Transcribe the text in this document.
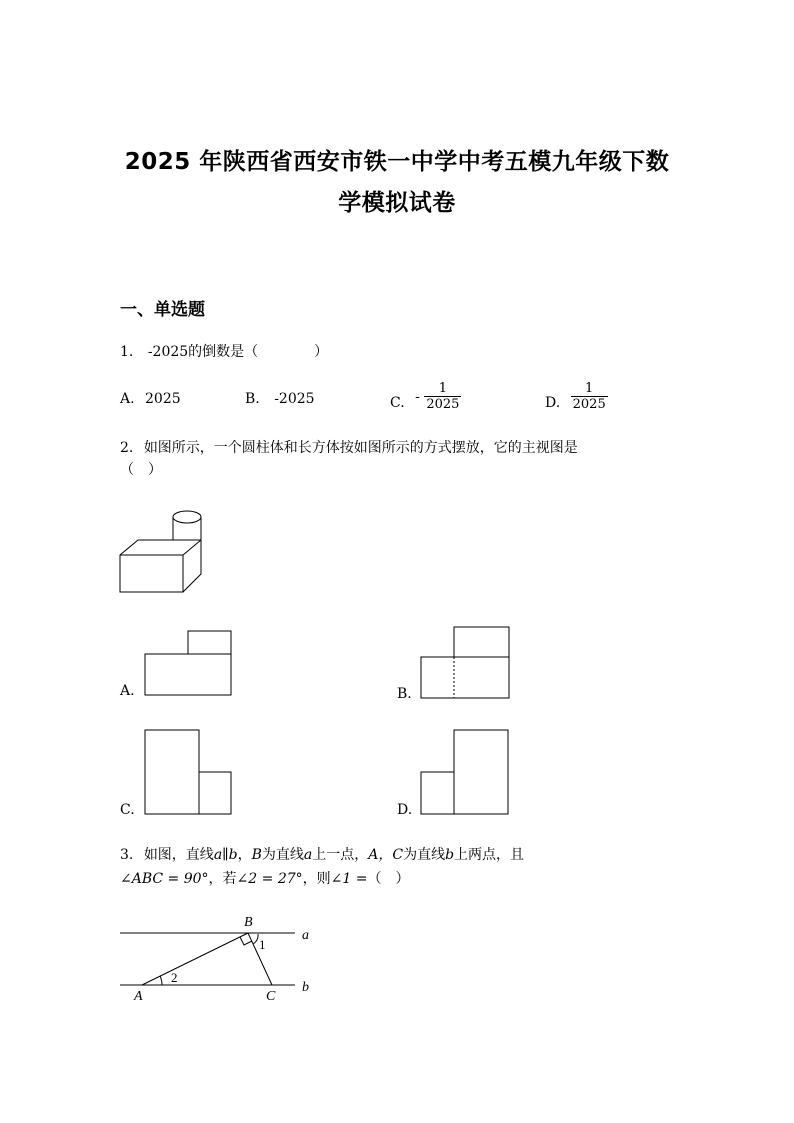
2025 年陕西省西安市铁一中学中考五模九年级下数
学模拟试卷
一、单选题
1. -2025的倒数是（　　　　）
A. 2025	B. -2025	C. - $\frac{1}{2025}$	D. $\frac{1}{2025}$
2. 如图所示，一个圆柱体和长方体按如图所示的方式摆放，它的主视图是
（　）
A.	B.
C.	D.
3. 如图，直线a∥b，B为直线a上一点，A，C为直线b上两点，且
∠ABC = 90°，若∠2 = 27°，则∠1 =（　）
B
1
2
A	C
a
b
